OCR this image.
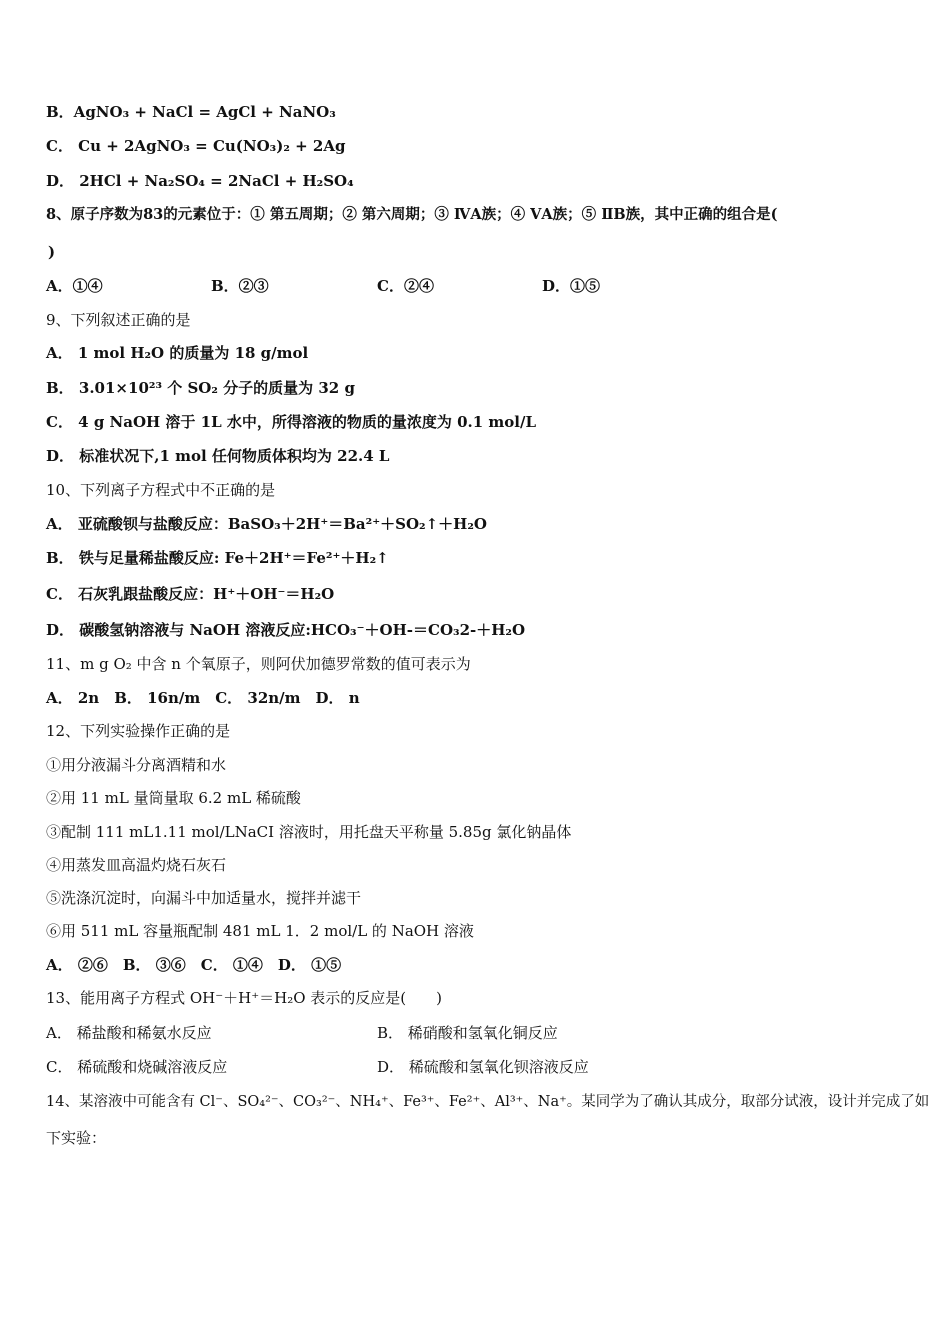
B．AgNO₃ + NaCl = AgCl + NaNO₃
C． Cu + 2AgNO₃ = Cu(NO₃)₂ + 2Ag
D． 2HCl + Na₂SO₄ = 2NaCl + H₂SO₄
8、原子序数为83的元素位于：① 第五周期；② 第六周期；③ ⅣA族；④ ⅤA族；⑤ ⅡB族，其中正确的组合是(
)
A．①④	B．②③	C．②④	D．①⑤
9、下列叙述正确的是
A． 1 mol H₂O 的质量为 18 g/mol
B． 3.01×10²³ 个 SO₂ 分子的质量为 32 g
C． 4 g NaOH 溶于 1L 水中，所得溶液的物质的量浓度为 0.1 mol/L
D． 标准状况下,1 mol 任何物质体积均为 22.4 L
10、下列离子方程式中不正确的是
A． 亚硫酸钡与盐酸反应：BaSO₃＋2H⁺＝Ba²⁺＋SO₂↑＋H₂O
B． 铁与足量稀盐酸反应: Fe＋2H⁺＝Fe²⁺＋H₂↑
C． 石灰乳跟盐酸反应：H⁺＋OH⁻＝H₂O
D． 碳酸氢钠溶液与 NaOH 溶液反应:HCO₃⁻＋OH-＝CO₃2-＋H₂O
11、m g O₂ 中含 n 个氧原子，则阿伏加德罗常数的值可表示为
A． 2n　B． 16n/m　C． 32n/m　D． n
12、下列实验操作正确的是
①用分液漏斗分离酒精和水
②用 11 mL 量筒量取 6.2 mL 稀硫酸
③配制 111 mL1.11 mol/LNaCI 溶液时，用托盘天平称量 5.85g 氯化钠晶体
④用蒸发皿高温灼烧石灰石
⑤洗涤沉淀时，向漏斗中加适量水，搅拌并滤干
⑥用 511 mL 容量瓶配制 481 mL 1．2 mol/L 的 NaOH 溶液
A． ②⑥　B． ③⑥　C． ①④　D． ①⑤
13、能用离子方程式 OH⁻＋H⁺＝H₂O 表示的反应是(　　)
A． 稀盐酸和稀氨水反应	B． 稀硝酸和氢氧化铜反应
C． 稀硫酸和烧碱溶液反应	D． 稀硫酸和氢氧化钡溶液反应
14、某溶液中可能含有 Cl⁻、SO₄²⁻、CO₃²⁻、NH₄⁺、Fe³⁺、Fe²⁺、Al³⁺、Na⁺。某同学为了确认其成分，取部分试液，设计并完成了如
下实验：
